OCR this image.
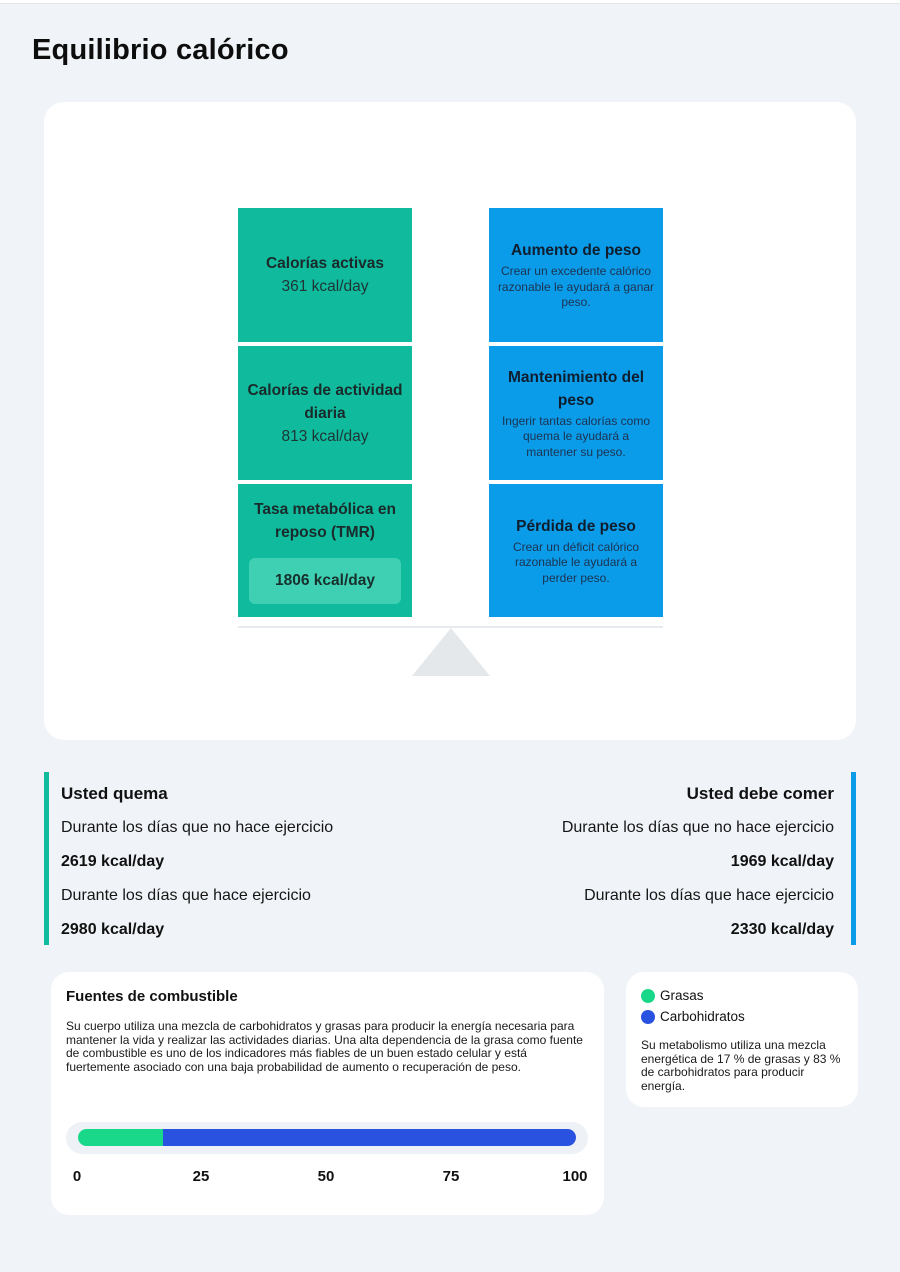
Equilibrio calórico
Calorías activas
361 kcal/day
Calorías de actividad diaria
813 kcal/day
Tasa metabólica en reposo (TMR)
1806 kcal/day
Aumento de peso
Crear un excedente calórico razonable le ayudará a ganar peso.
Mantenimiento del peso
Ingerir tantas calorías como quema le ayudará a mantener su peso.
Pérdida de peso
Crear un déficit calórico razonable le ayudará a perder peso.
Usted quema
Durante los días que no hace ejercicio
2619 kcal/day
Durante los días que hace ejercicio
2980 kcal/day
Usted debe comer
Durante los días que no hace ejercicio
1969 kcal/day
Durante los días que hace ejercicio
2330 kcal/day
Fuentes de combustible
Su cuerpo utiliza una mezcla de carbohidratos y grasas para producir la energía necesaria para mantener la vida y realizar las actividades diarias. Una alta dependencia de la grasa como fuente de combustible es uno de los indicadores más fiables de un buen estado celular y está fuertemente asociado con una baja probabilidad de aumento o recuperación de peso.
0	25	50	75	100
Grasas
Carbohidratos
Su metabolismo utiliza una mezcla energética de 17 % de grasas y 83 % de carbohidratos para producir energía.
